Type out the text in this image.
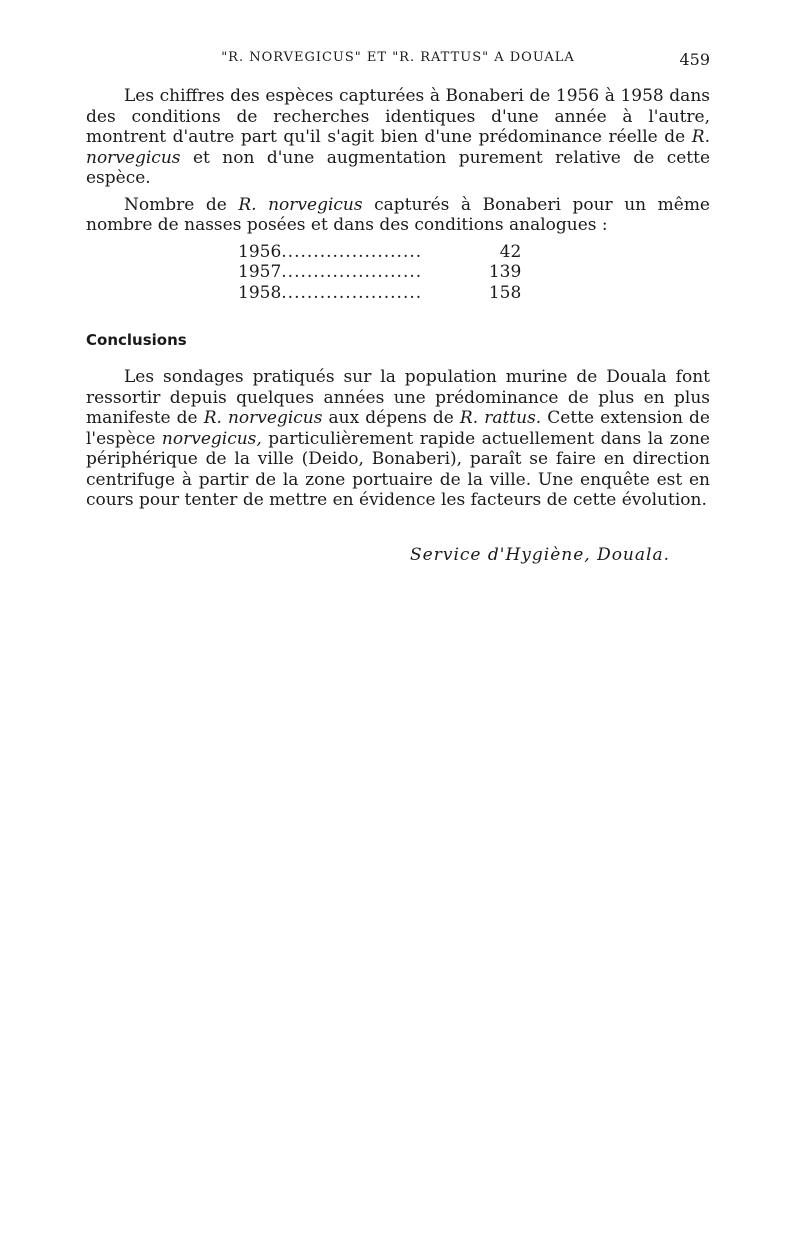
"R. NORVEGICUS" ET "R. RATTUS" A DOUALA	459

Les chiffres des espèces capturées à Bonaberi de 1956 à 1958 dans des conditions de recherches identiques d'une année à l'autre, montrent d'autre part qu'il s'agit bien d'une prédominance réelle de R. norvegicus et non d'une augmentation purement relative de cette espèce.

Nombre de R. norvegicus capturés à Bonaberi pour un même nombre de nasses posées et dans des conditions analogues :

1956	......................	42
1957	......................	139
1958	......................	158
Conclusions

Les sondages pratiqués sur la population murine de Douala font ressortir depuis quelques années une prédominance de plus en plus manifeste de R. norvegicus aux dépens de R. rattus. Cette extension de l'espèce norvegicus, particulièrement rapide actuellement dans la zone périphérique de la ville (Deido, Bonaberi), paraît se faire en direction centrifuge à partir de la zone portuaire de la ville. Une enquête est en cours pour tenter de mettre en évidence les facteurs de cette évolution.

Service d'Hygiène, Douala.
